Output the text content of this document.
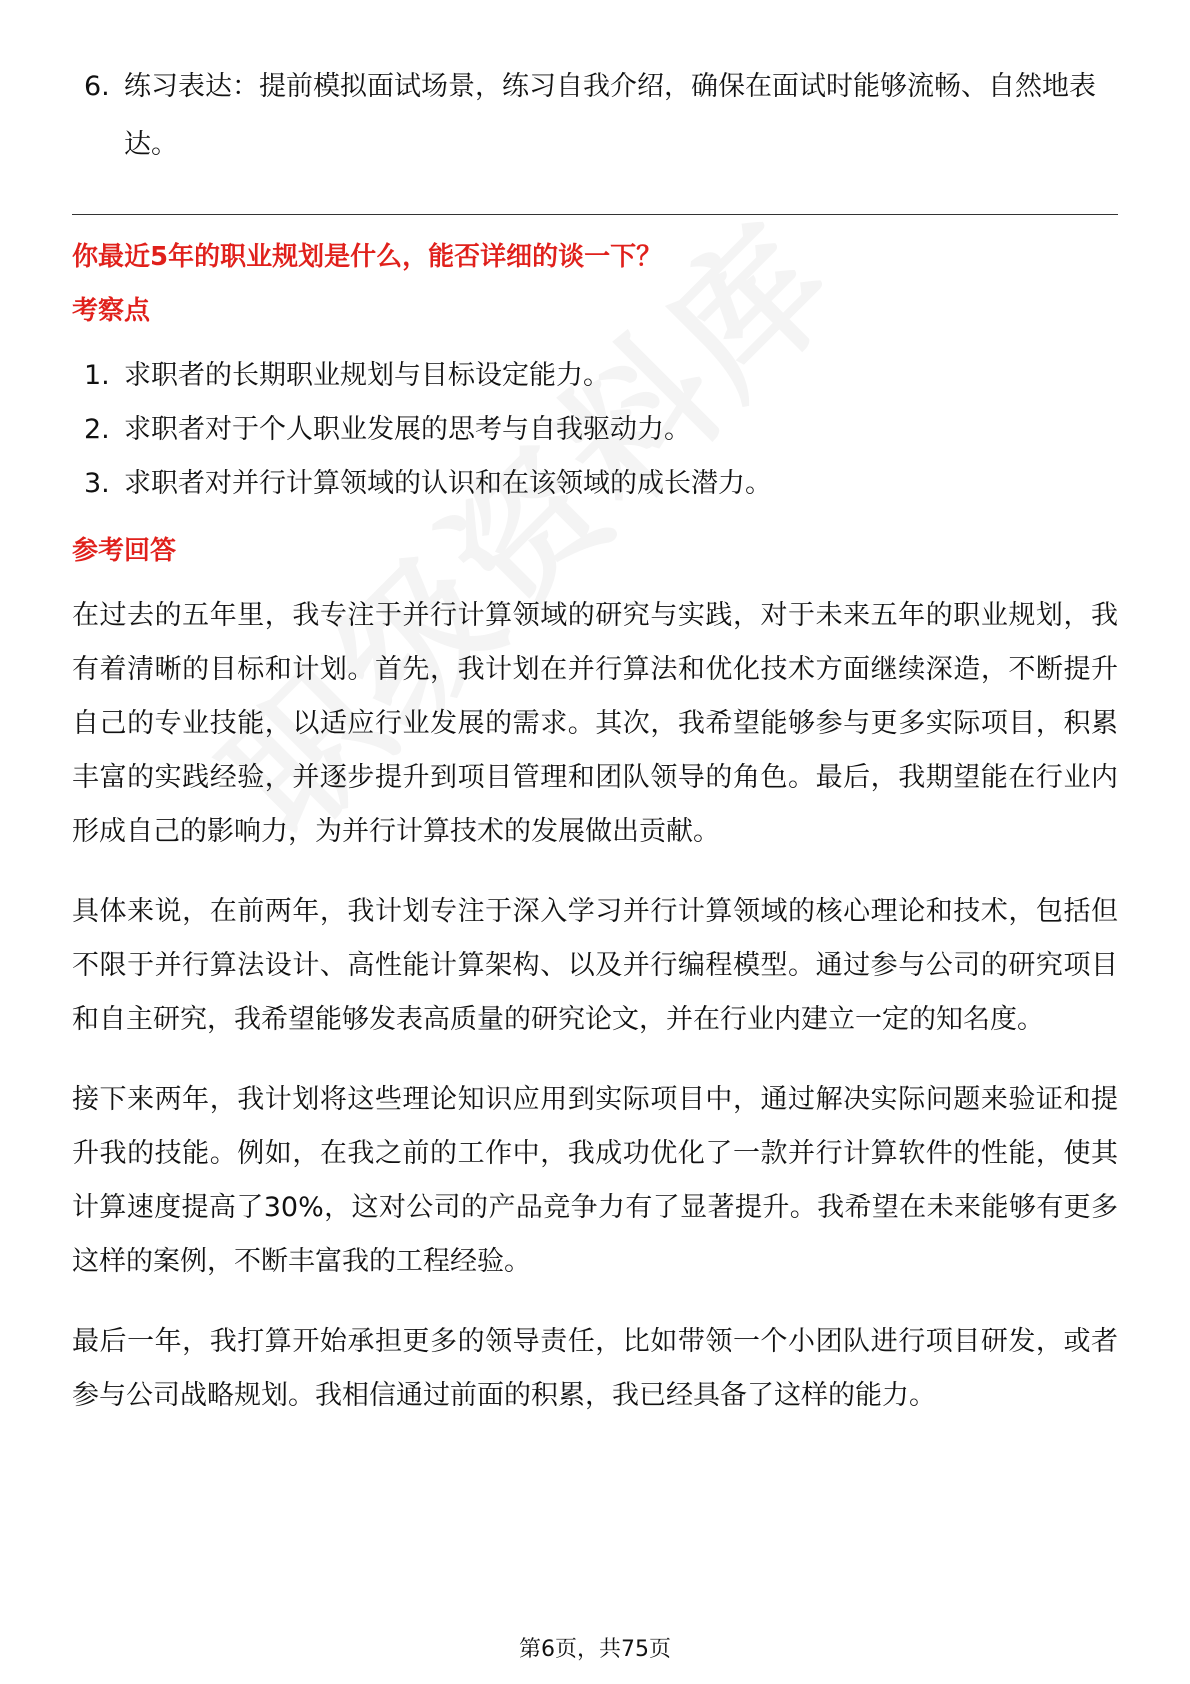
6. 练习表达：提前模拟面试场景，练习自我介绍，确保在面试时能够流畅、自然地表达。
你最近5年的职业规划是什么，能否详细的谈一下？
考察点
1. 求职者的长期职业规划与目标设定能力。
2. 求职者对于个人职业发展的思考与自我驱动力。
3. 求职者对并行计算领域的认识和在该领域的成长潜力。
参考回答

在过去的五年里，我专注于并行计算领域的研究与实践，对于未来五年的职业规划，我有着清晰的目标和计划。首先，我计划在并行算法和优化技术方面继续深造，不断提升自己的专业技能，以适应行业发展的需求。其次，我希望能够参与更多实际项目，积累丰富的实践经验，并逐步提升到项目管理和团队领导的角色。最后，我期望能在行业内形成自己的影响力，为并行计算技术的发展做出贡献。

具体来说，在前两年，我计划专注于深入学习并行计算领域的核心理论和技术，包括但不限于并行算法设计、高性能计算架构、以及并行编程模型。通过参与公司的研究项目和自主研究，我希望能够发表高质量的研究论文，并在行业内建立一定的知名度。

接下来两年，我计划将这些理论知识应用到实际项目中，通过解决实际问题来验证和提升我的技能。例如，在我之前的工作中，我成功优化了一款并行计算软件的性能，使其计算速度提高了30%，这对公司的产品竞争力有了显著提升。我希望在未来能够有更多这样的案例，不断丰富我的工程经验。

最后一年，我打算开始承担更多的领导责任，比如带领一个小团队进行项目研发，或者参与公司战略规划。我相信通过前面的积累，我已经具备了这样的能力。

第6页，共75页
